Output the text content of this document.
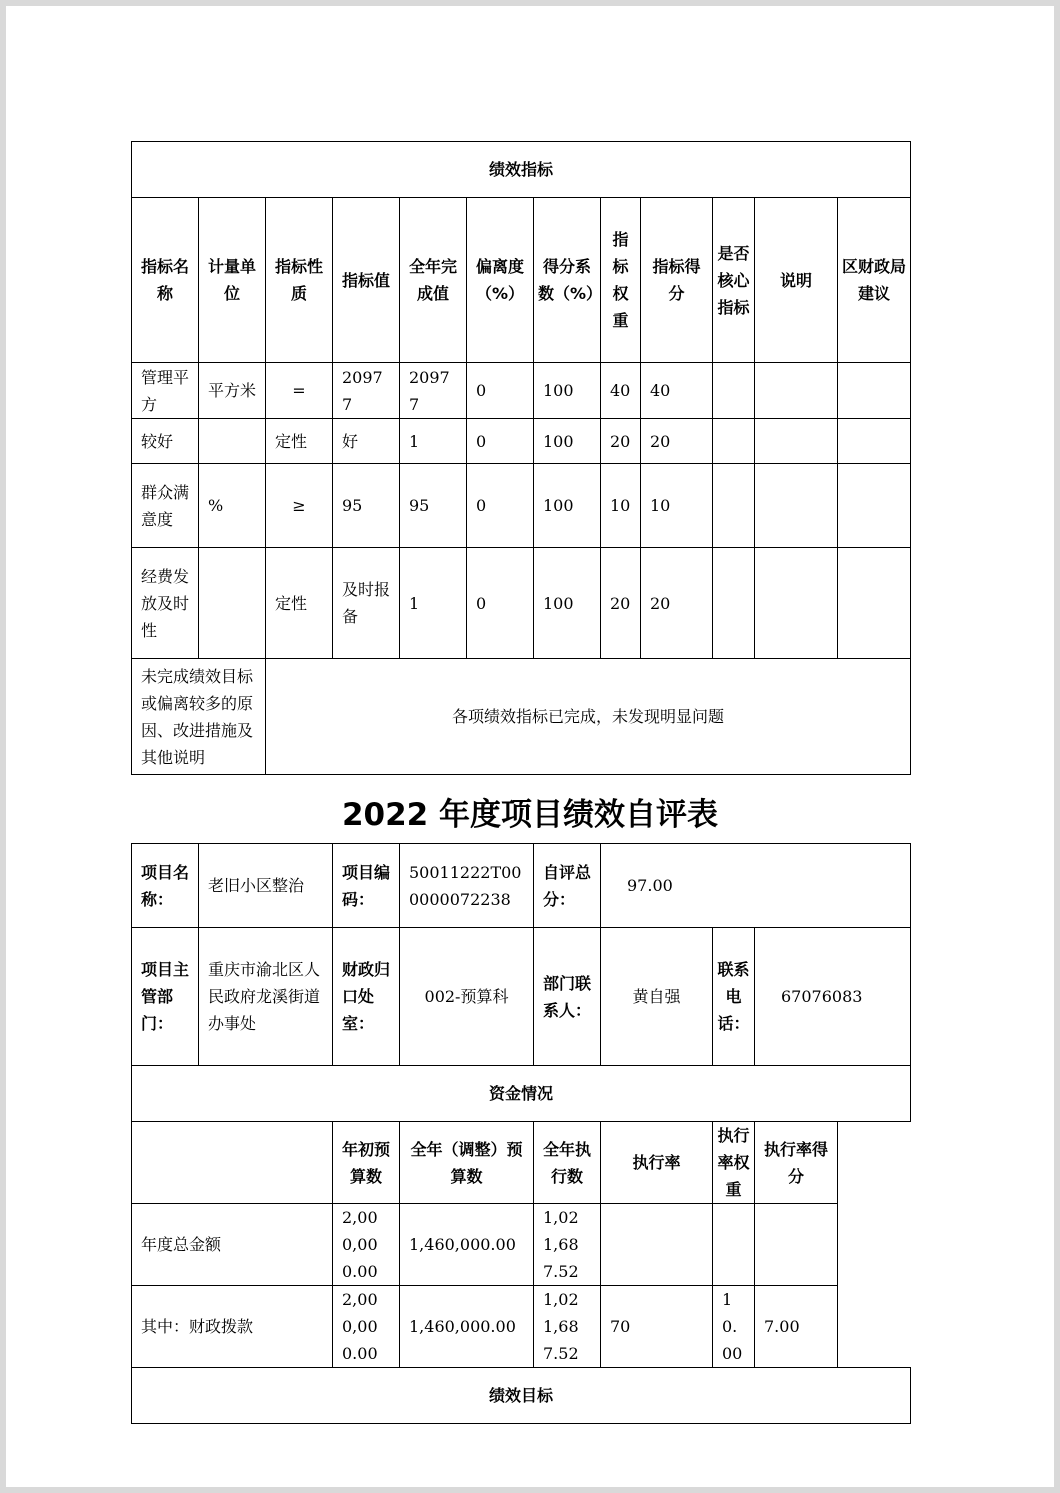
绩效指标											
指标名称	计量单位	指标性质	指标值	全年完成值	偏离度（%）	得分系数（%）	指标权重	指标得分	是否核心指标	说明	区财政局建议
管理平方	平方米	=	20977	20977	0	100	40	40			
较好		定性	好	1	0	100	20	20			
群众满意度	%	≥	95	95	0	100	10	10			
经费发放及时性		定性	及时报备	1	0	100	20	20			
未完成绩效目标或偏离较多的原因、改进措施及其他说明		各项绩效指标已完成，未发现明显问题									
2022 年度项目绩效自评表
项目名称：	老旧小区整治	项目编码：	50011222T000000072238	自评总分：	97.00		
项目主管部门：	重庆市渝北区人民政府龙溪街道办事处	财政归口处室：	002-预算科	部门联系人：	黄自强	联系电话：	67076083
资金情况							
		年初预算数	全年（调整）预算数	全年执行数	执行率	执行率权重	执行率得分
年度总金额		2,000,000.00	1,460,000.00	1,021,687.52			
其中：财政拨款		2,000,000.00	1,460,000.00	1,021,687.52	70	10.00	7.00
绩效目标							
